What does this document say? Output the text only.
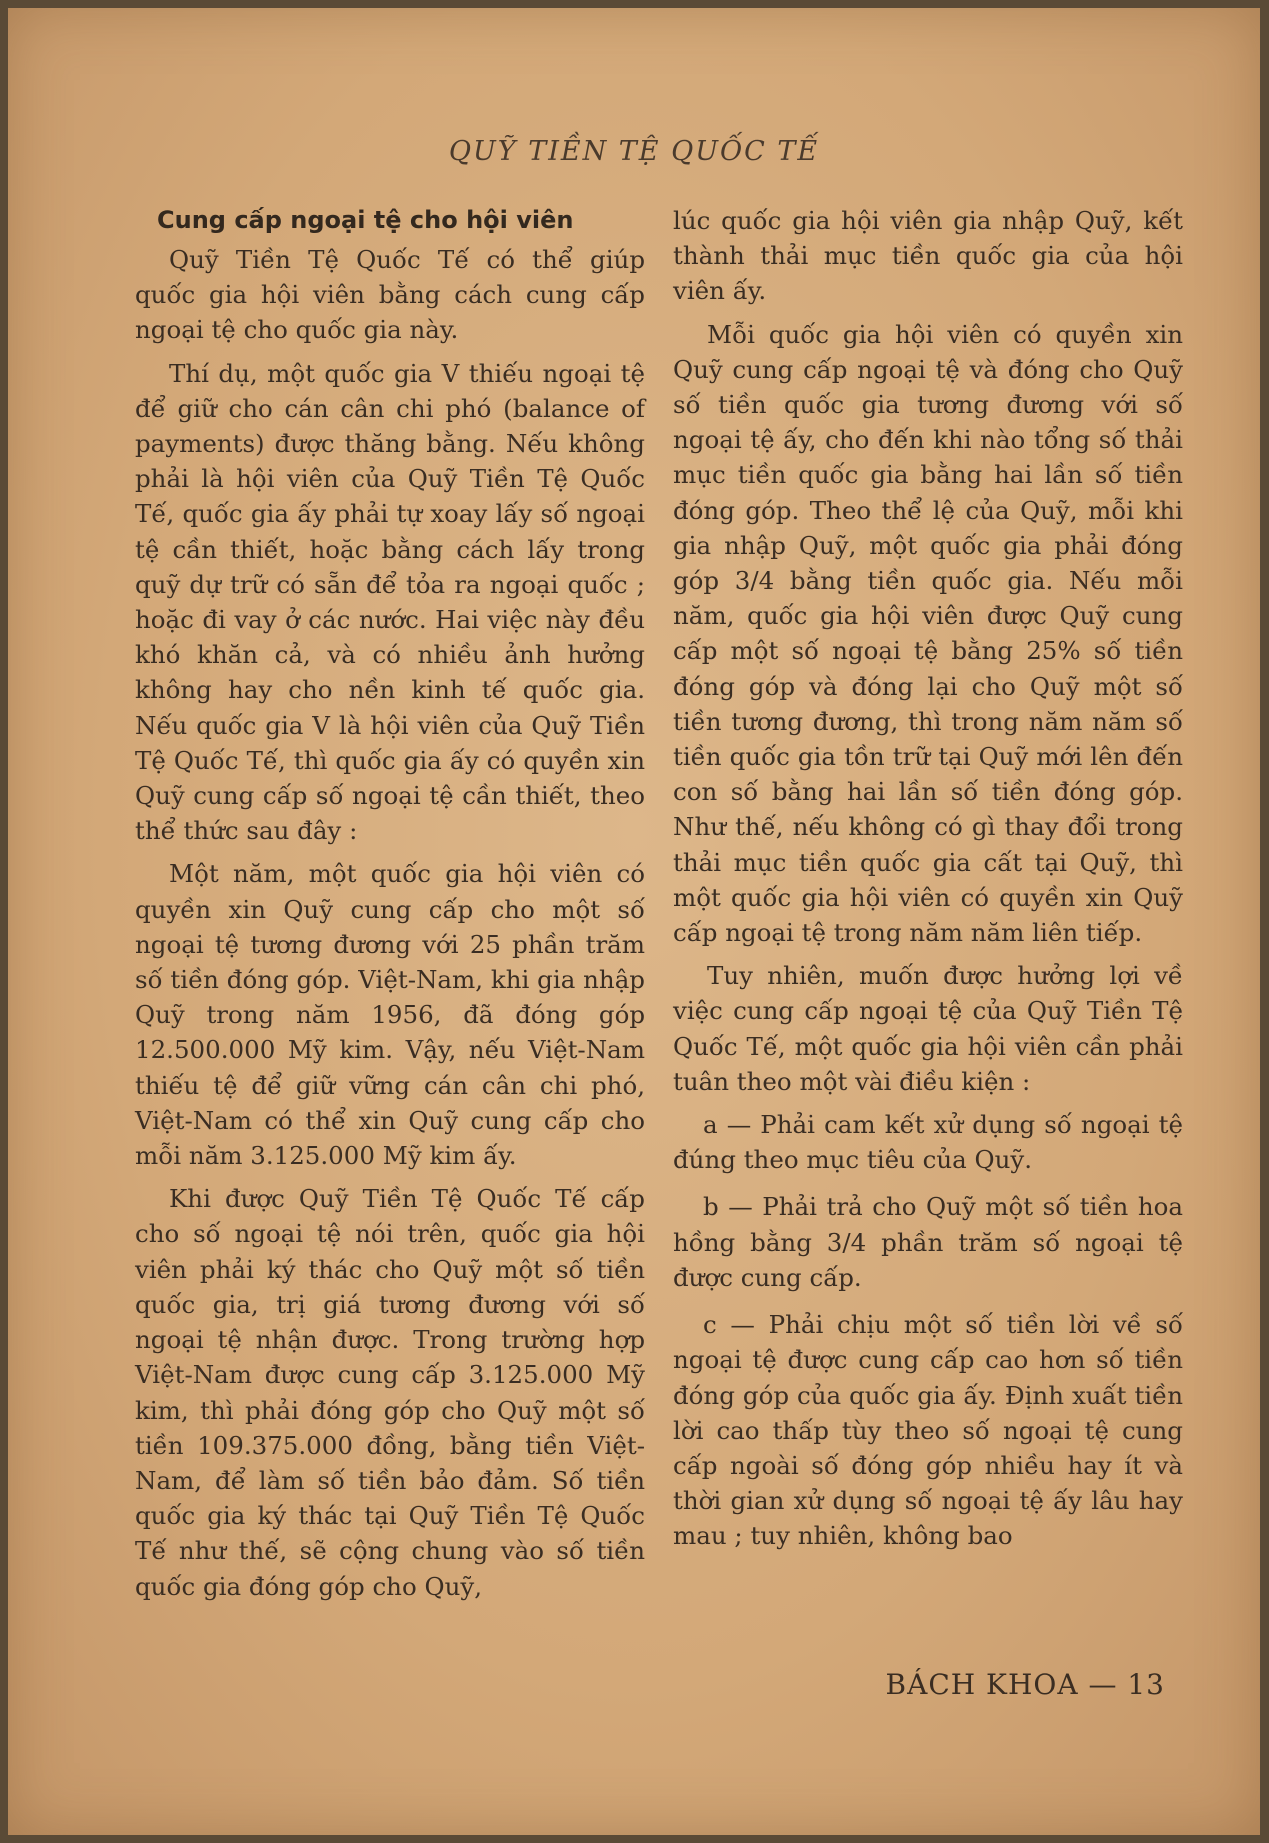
QUỸ TIỀN TỆ QUỐC TẾ
Cung cấp ngoại tệ cho hội viên

Quỹ Tiền Tệ Quốc Tế có thể giúp quốc gia hội viên bằng cách cung cấp ngoại tệ cho quốc gia này.

Thí dụ, một quốc gia V thiếu ngoại tệ để giữ cho cán cân chi phó (balance of payments) được thăng bằng. Nếu không phải là hội viên của Quỹ Tiền Tệ Quốc Tế, quốc gia ấy phải tự xoay lấy số ngoại tệ cần thiết, hoặc bằng cách lấy trong quỹ dự trữ có sẵn để tỏa ra ngoại quốc ; hoặc đi vay ở các nước. Hai việc này đều khó khăn cả, và có nhiều ảnh hưởng không hay cho nền kinh tế quốc gia. Nếu quốc gia V là hội viên của Quỹ Tiền Tệ Quốc Tế, thì quốc gia ấy có quyền xin Quỹ cung cấp số ngoại tệ cần thiết, theo thể thức sau đây :

Một năm, một quốc gia hội viên có quyền xin Quỹ cung cấp cho một số ngoại tệ tương đương với 25 phần trăm số tiền đóng góp. Việt-Nam, khi gia nhập Quỹ trong năm 1956, đã đóng góp 12.500.000 Mỹ kim. Vậy, nếu Việt-Nam thiếu tệ để giữ vững cán cân chi phó, Việt-Nam có thể xin Quỹ cung cấp cho mỗi năm 3.125.000 Mỹ kim ấy.

Khi được Quỹ Tiền Tệ Quốc Tế cấp cho số ngoại tệ nói trên, quốc gia hội viên phải ký thác cho Quỹ một số tiền quốc gia, trị giá tương đương với số ngoại tệ nhận được. Trong trường hợp Việt-Nam được cung cấp 3.125.000 Mỹ kim, thì phải đóng góp cho Quỹ một số tiền 109.375.000 đồng, bằng tiền Việt-Nam, để làm số tiền bảo đảm. Số tiền quốc gia ký thác tại Quỹ Tiền Tệ Quốc Tế như thế, sẽ cộng chung vào số tiền quốc gia đóng góp cho Quỹ,

lúc quốc gia hội viên gia nhập Quỹ, kết thành thải mục tiền quốc gia của hội viên ấy.

Mỗi quốc gia hội viên có quyền xin Quỹ cung cấp ngoại tệ và đóng cho Quỹ số tiền quốc gia tương đương với số ngoại tệ ấy, cho đến khi nào tổng số thải mục tiền quốc gia bằng hai lần số tiền đóng góp. Theo thể lệ của Quỹ, mỗi khi gia nhập Quỹ, một quốc gia phải đóng góp 3/4 bằng tiền quốc gia. Nếu mỗi năm, quốc gia hội viên được Quỹ cung cấp một số ngoại tệ bằng 25% số tiền đóng góp và đóng lại cho Quỹ một số tiền tương đương, thì trong năm năm số tiền quốc gia tồn trữ tại Quỹ mới lên đến con số bằng hai lần số tiền đóng góp. Như thế, nếu không có gì thay đổi trong thải mục tiền quốc gia cất tại Quỹ, thì một quốc gia hội viên có quyền xin Quỹ cấp ngoại tệ trong năm năm liên tiếp.

Tuy nhiên, muốn được hưởng lợi về việc cung cấp ngoại tệ của Quỹ Tiền Tệ Quốc Tế, một quốc gia hội viên cần phải tuân theo một vài điều kiện :

a — Phải cam kết xử dụng số ngoại tệ đúng theo mục tiêu của Quỹ.

b — Phải trả cho Quỹ một số tiền hoa hồng bằng 3/4 phần trăm số ngoại tệ được cung cấp.

c — Phải chịu một số tiền lời về số ngoại tệ được cung cấp cao hơn số tiền đóng góp của quốc gia ấy. Định xuất tiền lời cao thấp tùy theo số ngoại tệ cung cấp ngoài số đóng góp nhiều hay ít và thời gian xử dụng số ngoại tệ ấy lâu hay mau ; tuy nhiên, không bao

BÁCH KHOA — 13
